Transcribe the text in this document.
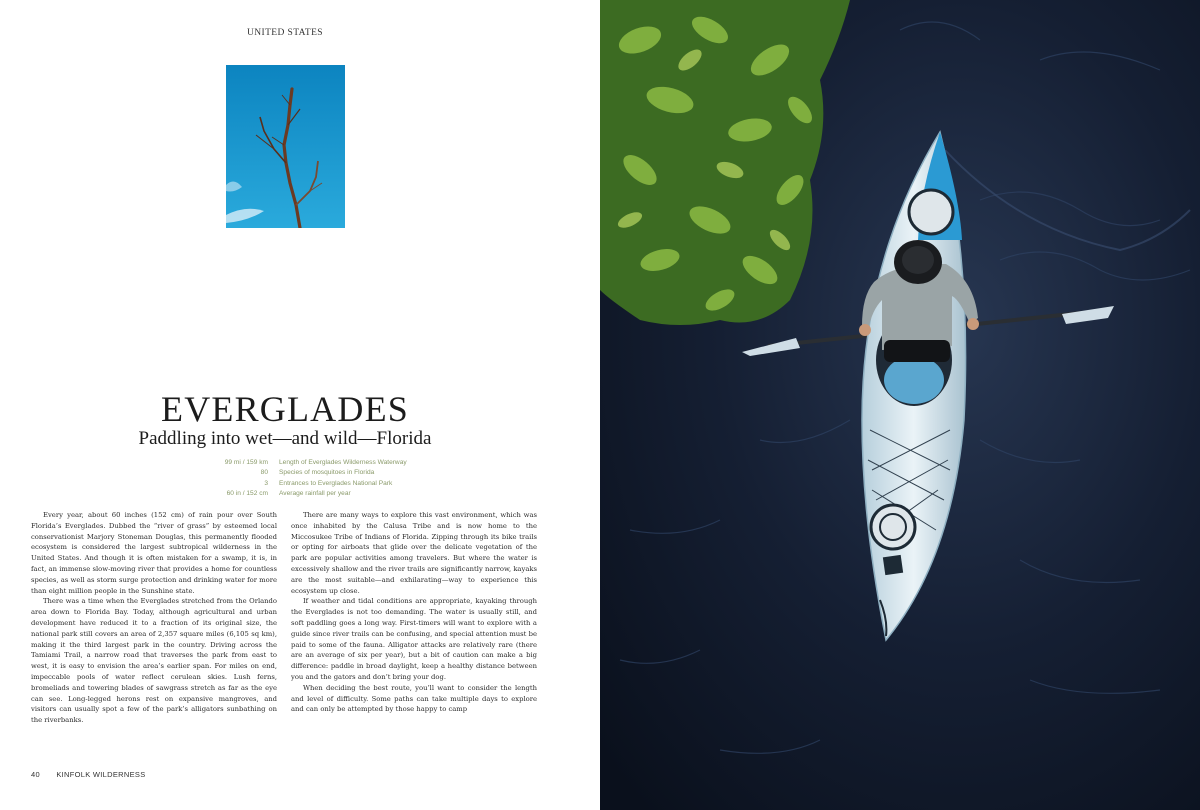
UNITED STATES
EVERGLADES
Paddling into wet—and wild—Florida
99 mi / 159 km	Length of Everglades Wilderness Waterway
80	Species of mosquitoes in Florida
3	Entrances to Everglades National Park
60 in / 152 cm	Average rainfall per year

Every year, about 60 inches (152 cm) of rain pour over South Florida’s Everglades. Dubbed the “river of grass” by esteemed local conservationist Marjory Stoneman Douglas, this permanently flooded ecosystem is considered the largest subtropical wilderness in the United States. And though it is often mistaken for a swamp, it is, in fact, an immense slow-moving river that provides a home for countless species, as well as storm surge protection and drinking water for more than eight million people in the Sunshine state.

There was a time when the Everglades stretched from the Orlando area down to Florida Bay. Today, although agricultural and urban development have reduced it to a fraction of its original size, the national park still covers an area of 2,357 square miles (6,105 sq km), making it the third largest park in the country. Driving across the Tamiami Trail, a narrow road that traverses the park from east to west, it is easy to envision the area’s earlier span. For miles on end, impeccable pools of water reflect cerulean skies. Lush ferns, bromeliads and towering blades of sawgrass stretch as far as the eye can see. Long-legged herons rest on expansive mangroves, and visitors can usually spot a few of the park’s alligators sunbathing on the riverbanks.

There are many ways to explore this vast environment, which was once inhabited by the Calusa Tribe and is now home to the Miccosukee Tribe of Indians of Florida. Zipping through its bike trails or opting for airboats that glide over the delicate vegetation of the park are popular activities among travelers. But where the water is excessively shallow and the river trails are significantly narrow, kayaks are the most suitable—and exhilarating—way to experience this ecosystem up close.

If weather and tidal conditions are appropriate, kayaking through the Everglades is not too demanding. The water is usually still, and soft paddling goes a long way. First-timers will want to explore with a guide since river trails can be confusing, and special attention must be paid to some of the fauna. Alligator attacks are relatively rare (there are an average of six per year), but a bit of caution can make a big difference: paddle in broad daylight, keep a healthy distance between you and the gators and don’t bring your dog.

When deciding the best route, you’ll want to consider the length and level of difficulty. Some paths can take multiple days to explore and can only be attempted by those happy to camp

40 KINFOLK WILDERNESS
